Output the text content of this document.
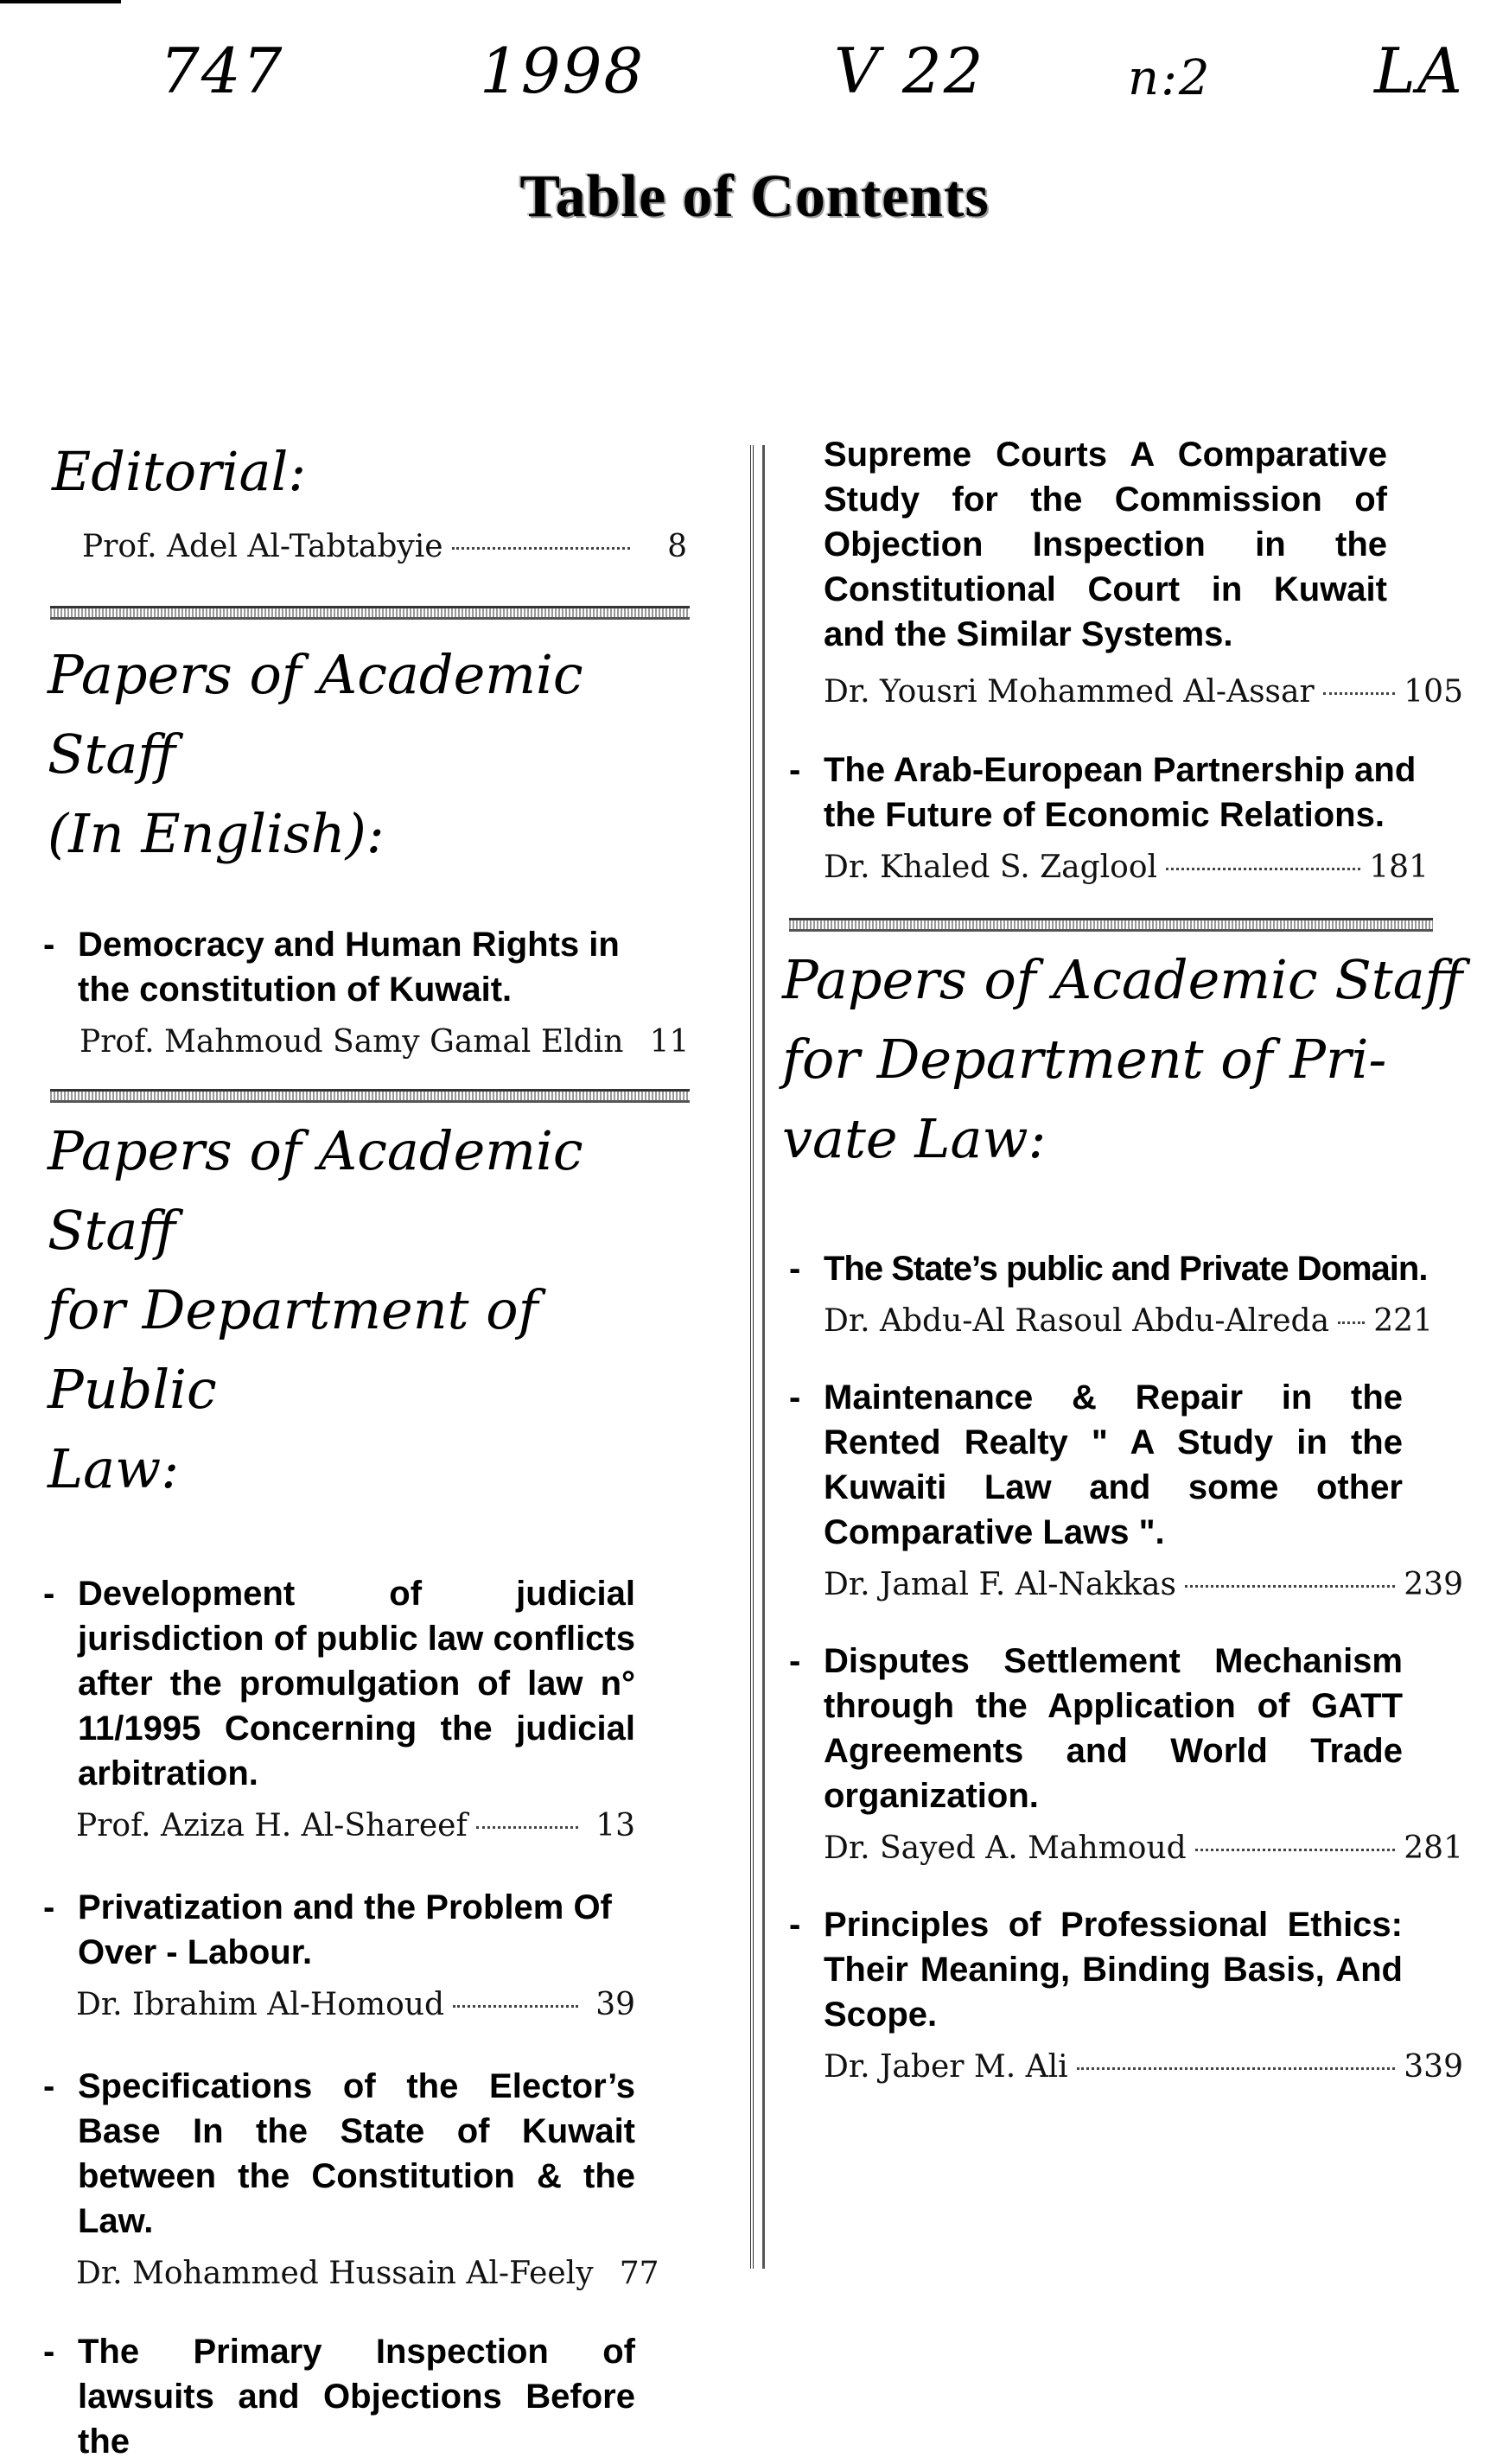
747	1998	V 22	n:2	LA
Table of Contents
Editorial:
Prof. Adel Al-Tabtabyie	8
Papers of Academic Staff
(In English):
- Democracy and Human Rights in the constitution of Kuwait.
Prof. Mahmoud Samy Gamal Eldin 11
Papers of Academic Staff
for Department of Public
Law:
- Development of judicial jurisdiction of public law conflicts after the promulgation of law n° 11/1995 Concerning the judicial arbitration.
Prof. Aziza H. Al-Shareef	13
- Privatization and the Problem Of Over - Labour.
Dr. Ibrahim Al-Homoud	39
- Specifications of the Elector’s Base In the State of Kuwait between the Constitution & the Law.
Dr. Mohammed Hussain Al-Feely 77
- The Primary Inspection of lawsuits and Objections Before the
Supreme Courts A Comparative Study for the Commission of Objection Inspection in the Constitutional Court in Kuwait and the Similar Systems.
Dr. Yousri Mohammed Al-Assar	105
- The Arab-European Partnership and the Future of Economic Relations.
Dr. Khaled S. Zaglool	181
Papers of Academic Staff
for Department of Pri-
vate Law:
- The State’s public and Private Domain.
Dr. Abdu-Al Rasoul Abdu-Alreda 221
- Maintenance & Repair in the Rented Realty " A Study in the Kuwaiti Law and some other Comparative Laws ".
Dr. Jamal F. Al-Nakkas	239
- Disputes Settlement Mechanism through the Application of GATT Agreements and World Trade organization.
Dr. Sayed A. Mahmoud	281
- Principles of Professional Ethics: Their Meaning, Binding Basis, And Scope.
Dr. Jaber M. Ali	339
